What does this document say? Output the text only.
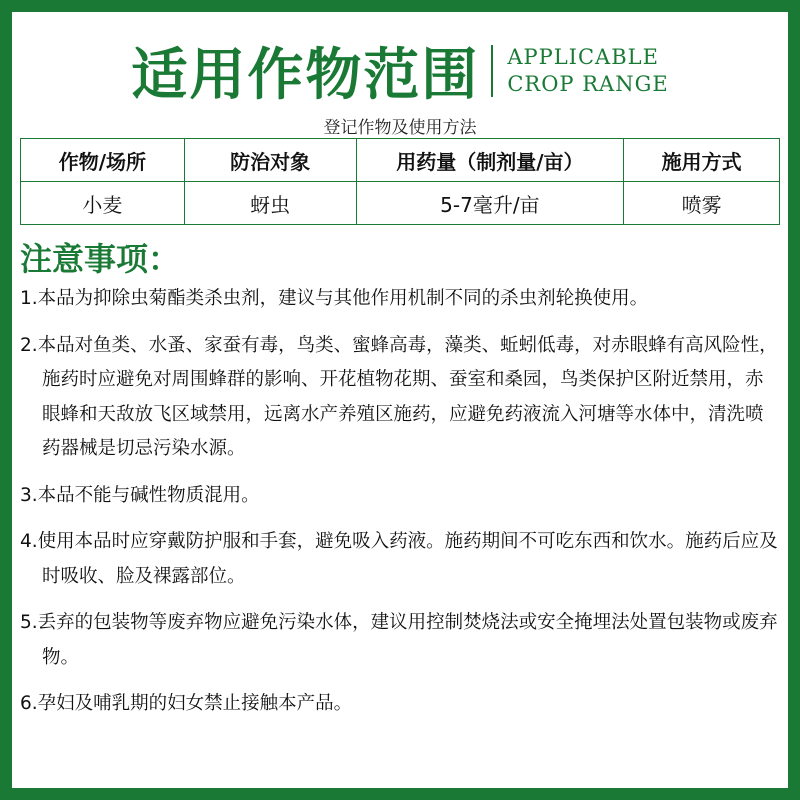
适用作物范围 APPLICABLE
CROP RANGE
登记作物及使用方法
作物/场所	防治对象	用药量（制剂量/亩）	施用方式
小麦	蚜虫	5-7毫升/亩	喷雾
注意事项：
1.本品为抑除虫菊酯类杀虫剂，建议与其他作用机制不同的杀虫剂轮换使用。
2.本品对鱼类、水蚤、家蚕有毒，鸟类、蜜蜂高毒，藻类、蚯蚓低毒，对赤眼蜂有高风险性，施药时应避免对周围蜂群的影响、开花植物花期、蚕室和桑园，鸟类保护区附近禁用，赤眼蜂和天敌放飞区域禁用，远离水产养殖区施药，应避免药液流入河塘等水体中，清洗喷药器械是切忌污染水源。
3.本品不能与碱性物质混用。
4.使用本品时应穿戴防护服和手套，避免吸入药液。施药期间不可吃东西和饮水。施药后应及时吸收、脸及裸露部位。
5.丢弃的包装物等废弃物应避免污染水体，建议用控制焚烧法或安全掩埋法处置包装物或废弃物。
6.孕妇及哺乳期的妇女禁止接触本产品。
